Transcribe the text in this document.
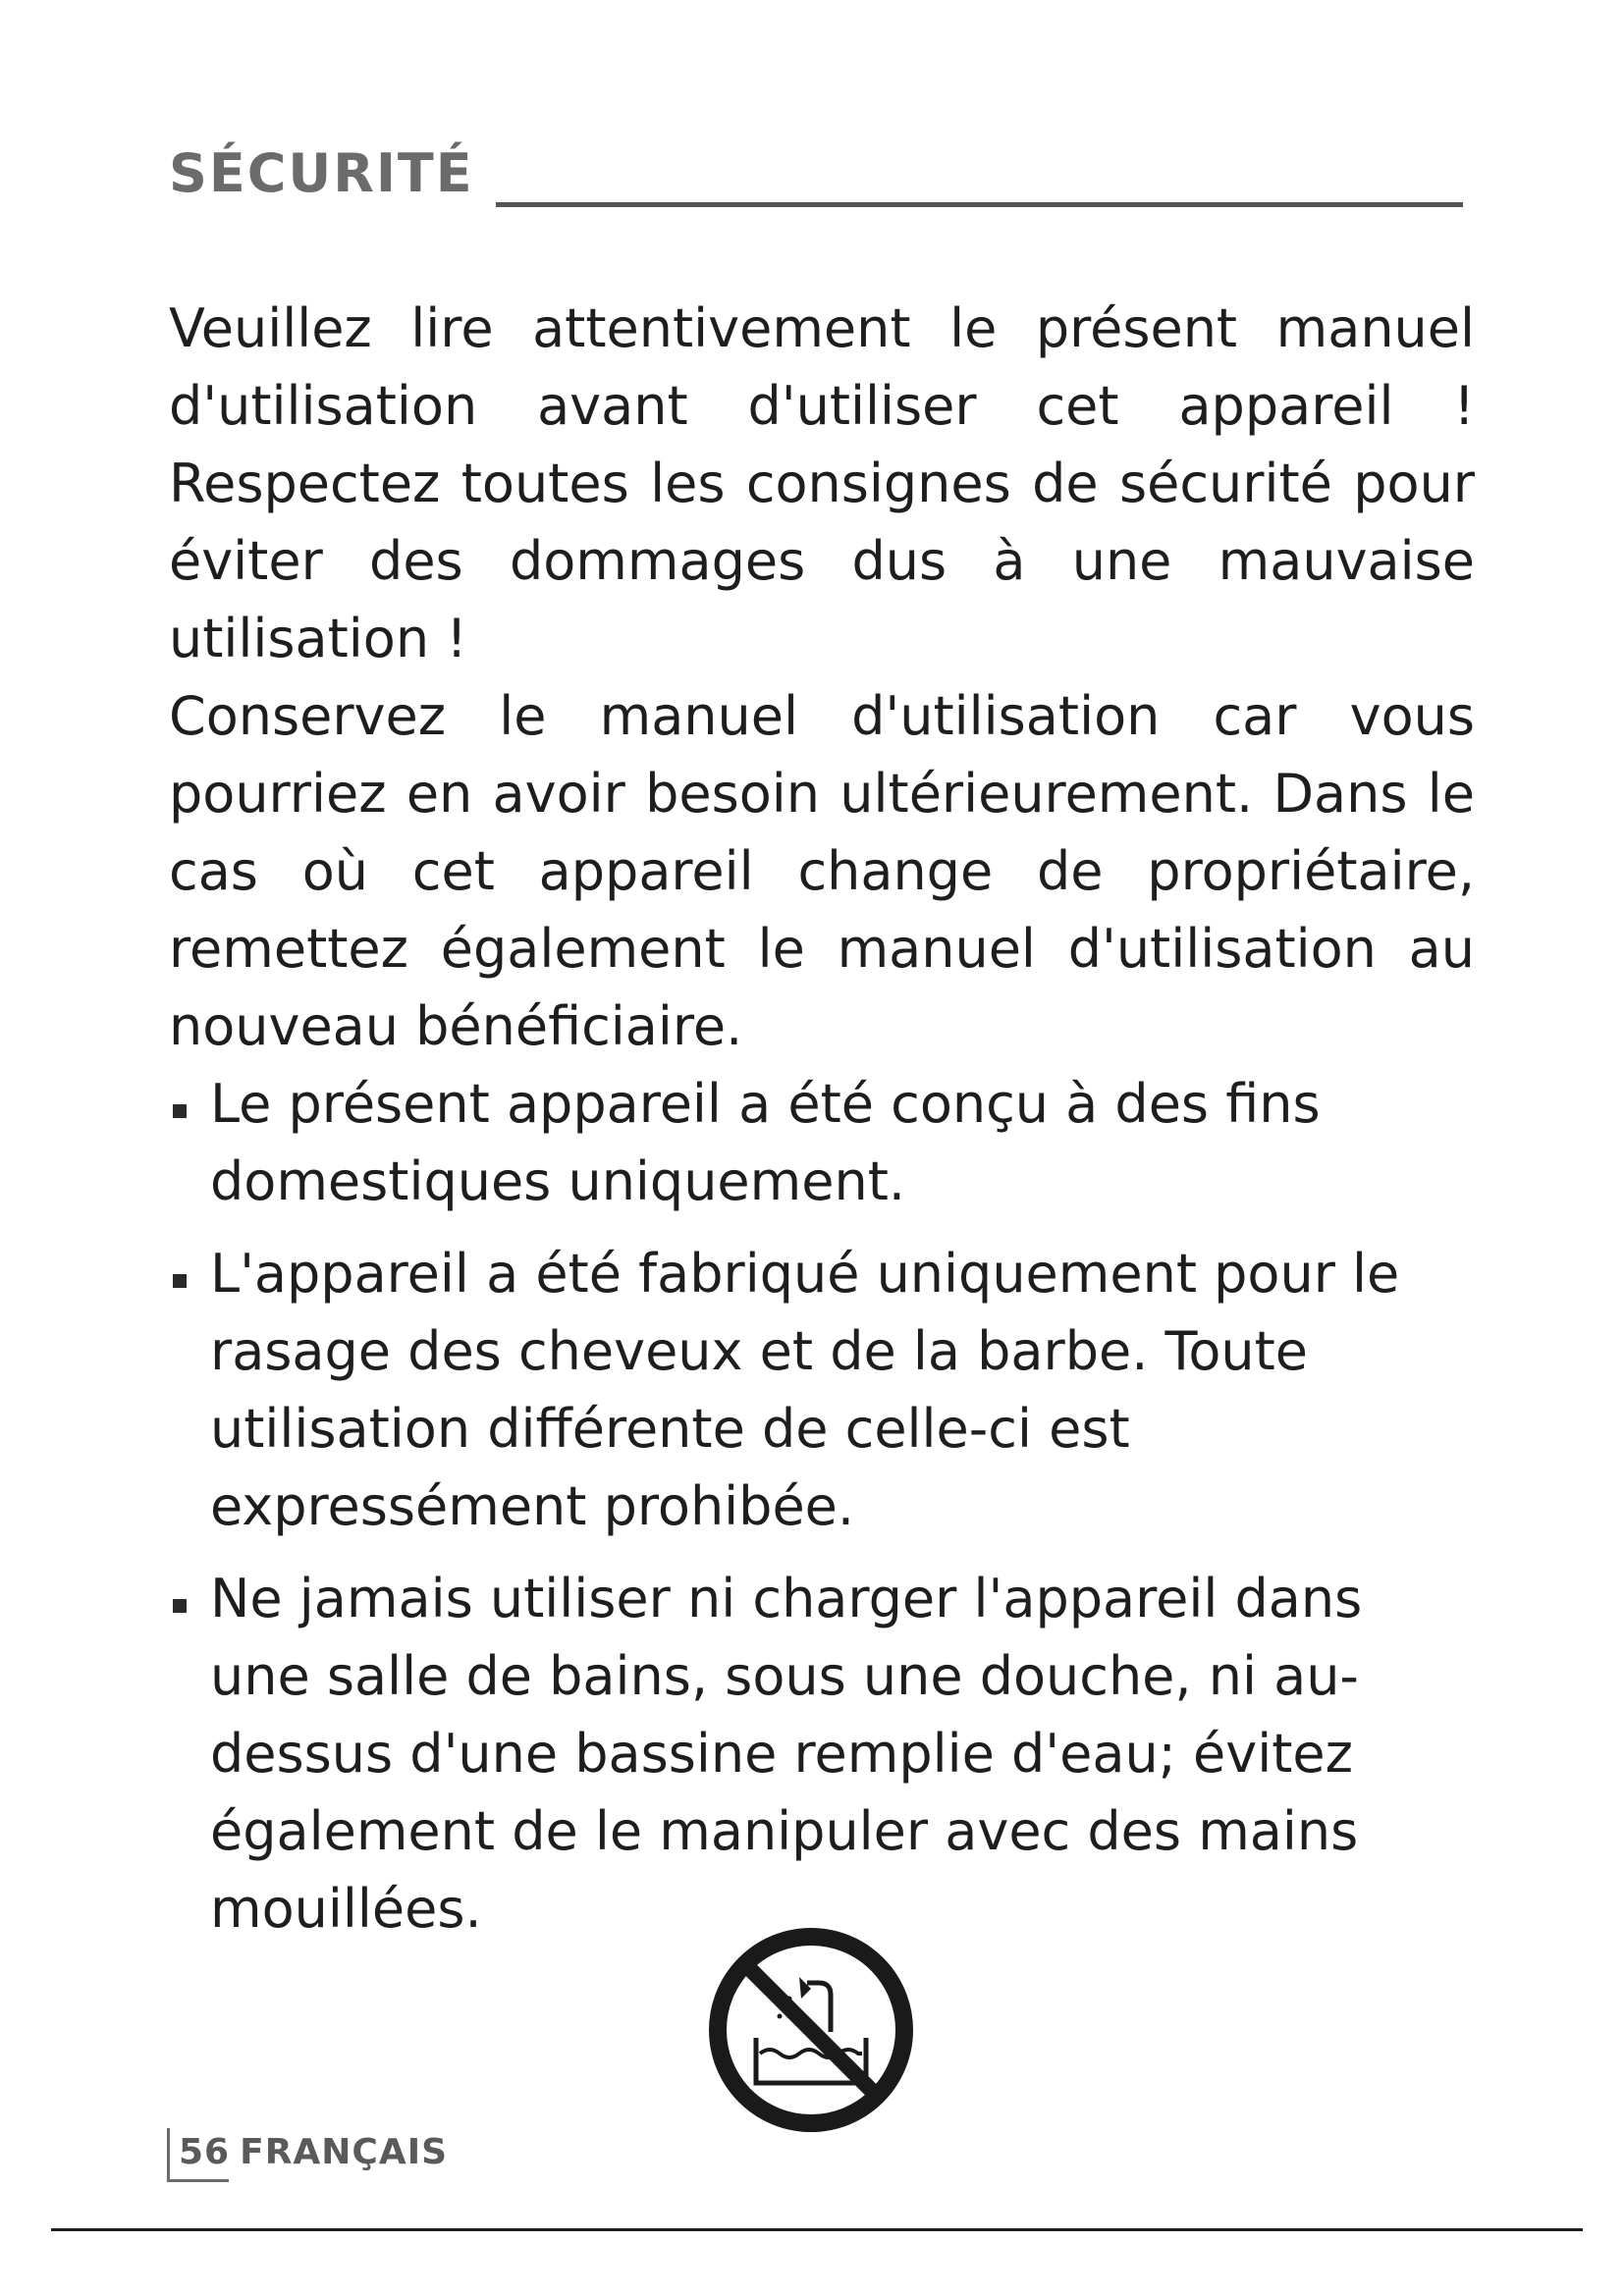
SÉCURITÉ

Veuillez lire attentivement le présent manuel d'utilisation avant d'utiliser cet appareil ! Respectez toutes les consignes de sécurité pour éviter des dommages dus à une mauvaise utilisation !

Conservez le manuel d'utilisation car vous pourriez en avoir besoin ultérieurement. Dans le cas où cet appareil change de propriétaire, remettez également le manuel d'utilisation au nouveau bénéficiaire.

Le présent appareil a été conçu à des fins domestiques uniquement.
L'appareil a été fabriqué uniquement pour le rasage des cheveux et de la barbe. Toute utilisation différente de celle-ci est expressément prohibée.
Ne jamais utiliser ni charger l'appareil dans une salle de bains, sous une douche, ni au-dessus d'une bassine remplie d'eau; évitez également de le manipuler avec des mains mouillées.
56 FRANÇAIS
